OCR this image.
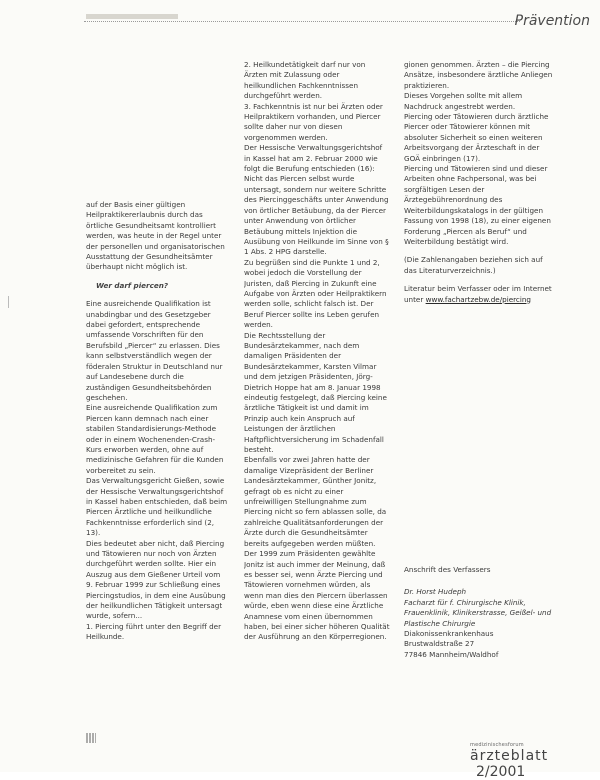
Prävention

auf der Basis einer gültigen Heilpraktikererlaubnis durch das örtliche Gesundheitsamt kontrolliert werden, was heute in der Regel unter der personellen und organisatorischen Ausstattung der Gesundheitsämter überhaupt nicht möglich ist.

Wer darf piercen?

Eine ausreichende Qualifikation ist unabdingbar und des Gesetzgeber dabei gefordert, entsprechende umfassende Vorschriften für den Berufsbild „Piercer“ zu erlassen. Dies kann selbstverständlich wegen der föderalen Struktur in Deutschland nur auf Landesebene durch die zuständigen Gesundheitsbehörden geschehen.

Eine ausreichende Qualifikation zum Piercen kann demnach nach einer stabilen Standardisierungs-Methode oder in einem Wochenenden-Crash-Kurs erworben werden, ohne auf medizinische Gefahren für die Kunden vorbereitet zu sein.

Das Verwaltungsgericht Gießen, sowie der Hessische Verwaltungsgerichtshof in Kassel haben entschieden, daß beim Piercen Ärztliche und heilkundliche Fachkenntnisse erforderlich sind (2, 13).

Dies bedeutet aber nicht, daß Piercing und Tätowieren nur noch von Ärzten durchgeführt werden sollte. Hier ein Auszug aus dem Gießener Urteil vom 9. Februar 1999 zur Schließung eines Piercingstudios, in dem eine Ausübung der heilkundlichen Tätigkeit untersagt wurde, sofern...

1. Piercing führt unter den Begriff der Heilkunde.

2. Heilkundetätigkeit darf nur von Ärzten mit Zulassung oder heilkundlichen Fachkenntnissen durchgeführt werden.

3. Fachkenntnis ist nur bei Ärzten oder Heilpraktikern vorhanden, und Piercer sollte daher nur von diesen vorgenommen werden.

Der Hessische Verwaltungsgerichtshof in Kassel hat am 2. Februar 2000 wie folgt die Berufung entschieden (16): Nicht das Piercen selbst wurde untersagt, sondern nur weitere Schritte des Piercinggeschäfts unter Anwendung von örtlicher Betäubung, da der Piercer unter Anwendung von örtlicher Betäubung mittels Injektion die Ausübung von Heilkunde im Sinne von § 1 Abs. 2 HPG darstelle.

Zu begrüßen sind die Punkte 1 und 2, wobei jedoch die Vorstellung der Juristen, daß Piercing in Zukunft eine Aufgabe von Ärzten oder Heilpraktikern werden solle, schlicht falsch ist. Der Beruf Piercer sollte ins Leben gerufen werden.

Die Rechtsstellung der Bundesärztekammer, nach dem damaligen Präsidenten der Bundesärztekammer, Karsten Vilmar und dem jetzigen Präsidenten, Jörg-Dietrich Hoppe hat am 8. Januar 1998 eindeutig festgelegt, daß Piercing keine ärztliche Tätigkeit ist und damit im Prinzip auch kein Anspruch auf Leistungen der ärztlichen Haftpflichtversicherung im Schadenfall besteht.

Ebenfalls vor zwei Jahren hatte der damalige Vizepräsident der Berliner Landesärztekammer, Günther Jonitz, gefragt ob es nicht zu einer unfreiwilligen Stellungnahme zum Piercing nicht so fern ablassen solle, da zahlreiche Qualitätsanforderungen der Ärzte durch die Gesundheitsämter bereits aufgegeben werden müßten. Der 1999 zum Präsidenten gewählte Jonitz ist auch immer der Meinung, daß es besser sei, wenn Ärzte Piercing und Tätowieren vornehmen würden, als wenn man dies den Piercern überlassen würde, eben wenn diese eine Ärztliche Anamnese vom einen übernommen haben, bei einer sicher höheren Qualität der Ausführung an den Körperregionen.

gionen genommen. Ärzten – die Piercing Ansätze, insbesondere ärztliche Anliegen praktizieren.

Dieses Vorgehen sollte mit allem Nachdruck angestrebt werden.

Piercing oder Tätowieren durch ärztliche Piercer oder Tätowierer können mit absoluter Sicherheit so einen weiteren Arbeitsvorgang der Ärzteschaft in der GOÄ einbringen (17).

Piercing und Tätowieren sind und dieser Arbeiten ohne Fachpersonal, was bei sorgfältigen Lesen der Ärztegebührenordnung des Weiterbildungskatalogs in der gültigen Fassung von 1998 (18), zu einer eigenen Forderung „Piercen als Beruf“ und Weiterbildung bestätigt wird.

(Die Zahlenangaben beziehen sich auf das Literaturverzeichnis.)

Literatur beim Verfasser oder im Internet unter www.fachartzebw.de/piercing

Anschrift des Verfassers
Dr. Horst Hudeph
Facharzt für f. Chirurgische Klinik, Frauenklinik, Klinikerstrasse, Geißel- und Plastische Chirurgie
Diakonissenkrankenhaus
Brustwaldstraße 27
77846 Mannheim/Waldhof
medizinischesforum
ärzteblatt 2/2001
